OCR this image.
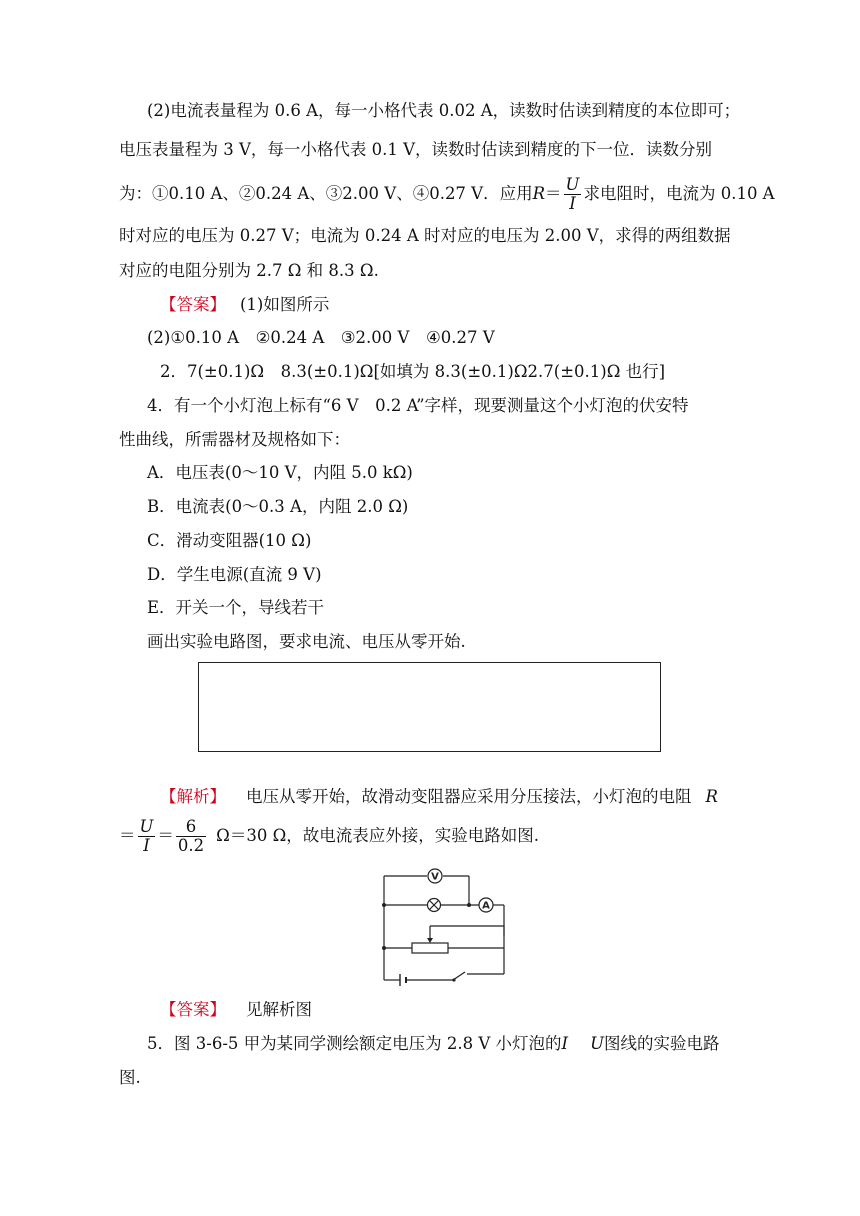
(2)电流表量程为 0.6 A，每一小格代表 0.02 A，读数时估读到精度的本位即可；
电压表量程为 3 V，每一小格代表 0.1 V，读数时估读到精度的下一位．读数分别
为：①0.10 A、②0.24 A、③2.00 V、④0.27 V．应用$R= \frac{U}{I}$ 求电阻时，电流为 0.10 A
时对应的电压为 0.27 V；电流为 0.24 A 时对应的电压为 2.00 V，求得的两组数据
对应的电阻分别为 2.7 Ω 和 8.3 Ω.
【答案】 (1)如图所示
(2)①0.10 A　②0.24 A　③2.00 V　④0.27 V
2．7(±0.1)Ω　8.3(±0.1)Ω[如填为 8.3(±0.1)Ω2.7(±0.1)Ω 也行]
4．有一个小灯泡上标有“6 V　0.2 A”字样，现要测量这个小灯泡的伏安特
性曲线，所需器材及规格如下：
A．电压表(0～10 V，内阻 5.0 kΩ)
B．电流表(0～0.3 A，内阻 2.0 Ω)
C．滑动变阻器(10 Ω)
D．学生电源(直流 9 V)
E．开关一个，导线若干
画出实验电路图，要求电流、电压从零开始.
【解析】 电压从零开始，故滑动变阻器应采用分压接法，小灯泡的电阻 R
＝ $\frac{U}{I} = \frac{6}{0.2} \Omega=30$ Ω，故电流表应外接，实验电路如图.
V
A
【答案】 见解析图
5．图 3-6-5 甲为某同学测绘额定电压为 2.8 V 小灯泡的I U图线的实验电路
图.
